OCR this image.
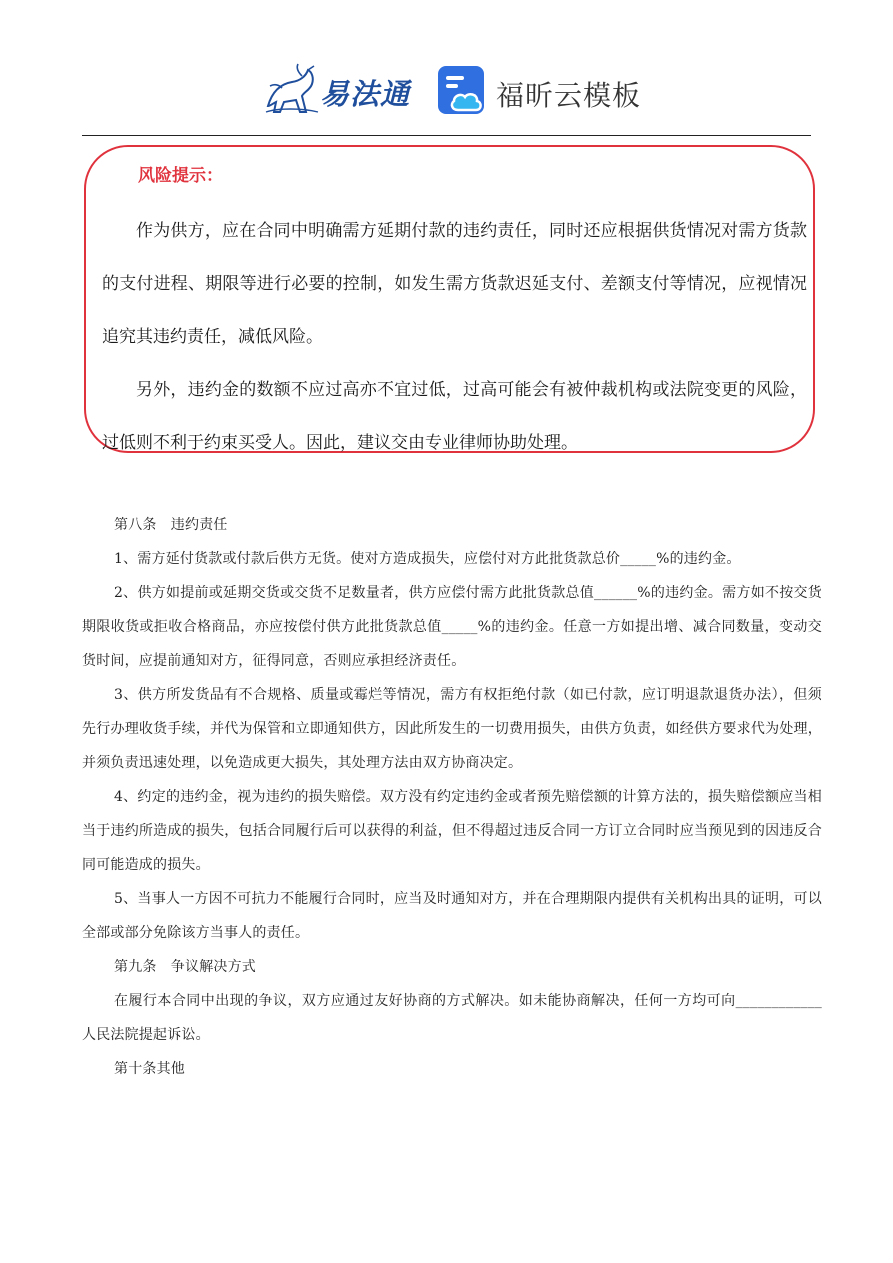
易法通	福昕云模板
风险提示：

作为供方，应在合同中明确需方延期付款的违约责任，同时还应根据供货情况对需方货款的支付进程、期限等进行必要的控制，如发生需方货款迟延支付、差额支付等情况，应视情况追究其违约责任，减低风险。

另外，违约金的数额不应过高亦不宜过低，过高可能会有被仲裁机构或法院变更的风险，过低则不利于约束买受人。因此，建议交由专业律师协助处理。

第八条　违约责任

1、需方延付货款或付款后供方无货。使对方造成损失，应偿付对方此批货款总价_____%的违约金。

2、供方如提前或延期交货或交货不足数量者，供方应偿付需方此批货款总值______%的违约金。需方如不按交货期限收货或拒收合格商品，亦应按偿付供方此批货款总值_____%的违约金。任意一方如提出增、减合同数量，变动交货时间，应提前通知对方，征得同意，否则应承担经济责任。

3、供方所发货品有不合规格、质量或霉烂等情况，需方有权拒绝付款（如已付款，应订明退款退货办法），但须先行办理收货手续，并代为保管和立即通知供方，因此所发生的一切费用损失，由供方负责，如经供方要求代为处理，并须负责迅速处理，以免造成更大损失，其处理方法由双方协商决定。

4、约定的违约金，视为违约的损失赔偿。双方没有约定违约金或者预先赔偿额的计算方法的，损失赔偿额应当相当于违约所造成的损失，包括合同履行后可以获得的利益，但不得超过违反合同一方订立合同时应当预见到的因违反合同可能造成的损失。

5、当事人一方因不可抗力不能履行合同时，应当及时通知对方，并在合理期限内提供有关机构出具的证明，可以全部或部分免除该方当事人的责任。

第九条　争议解决方式

在履行本合同中出现的争议，双方应通过友好协商的方式解决。如未能协商解决，任何一方均可向____________人民法院提起诉讼。

第十条其他
